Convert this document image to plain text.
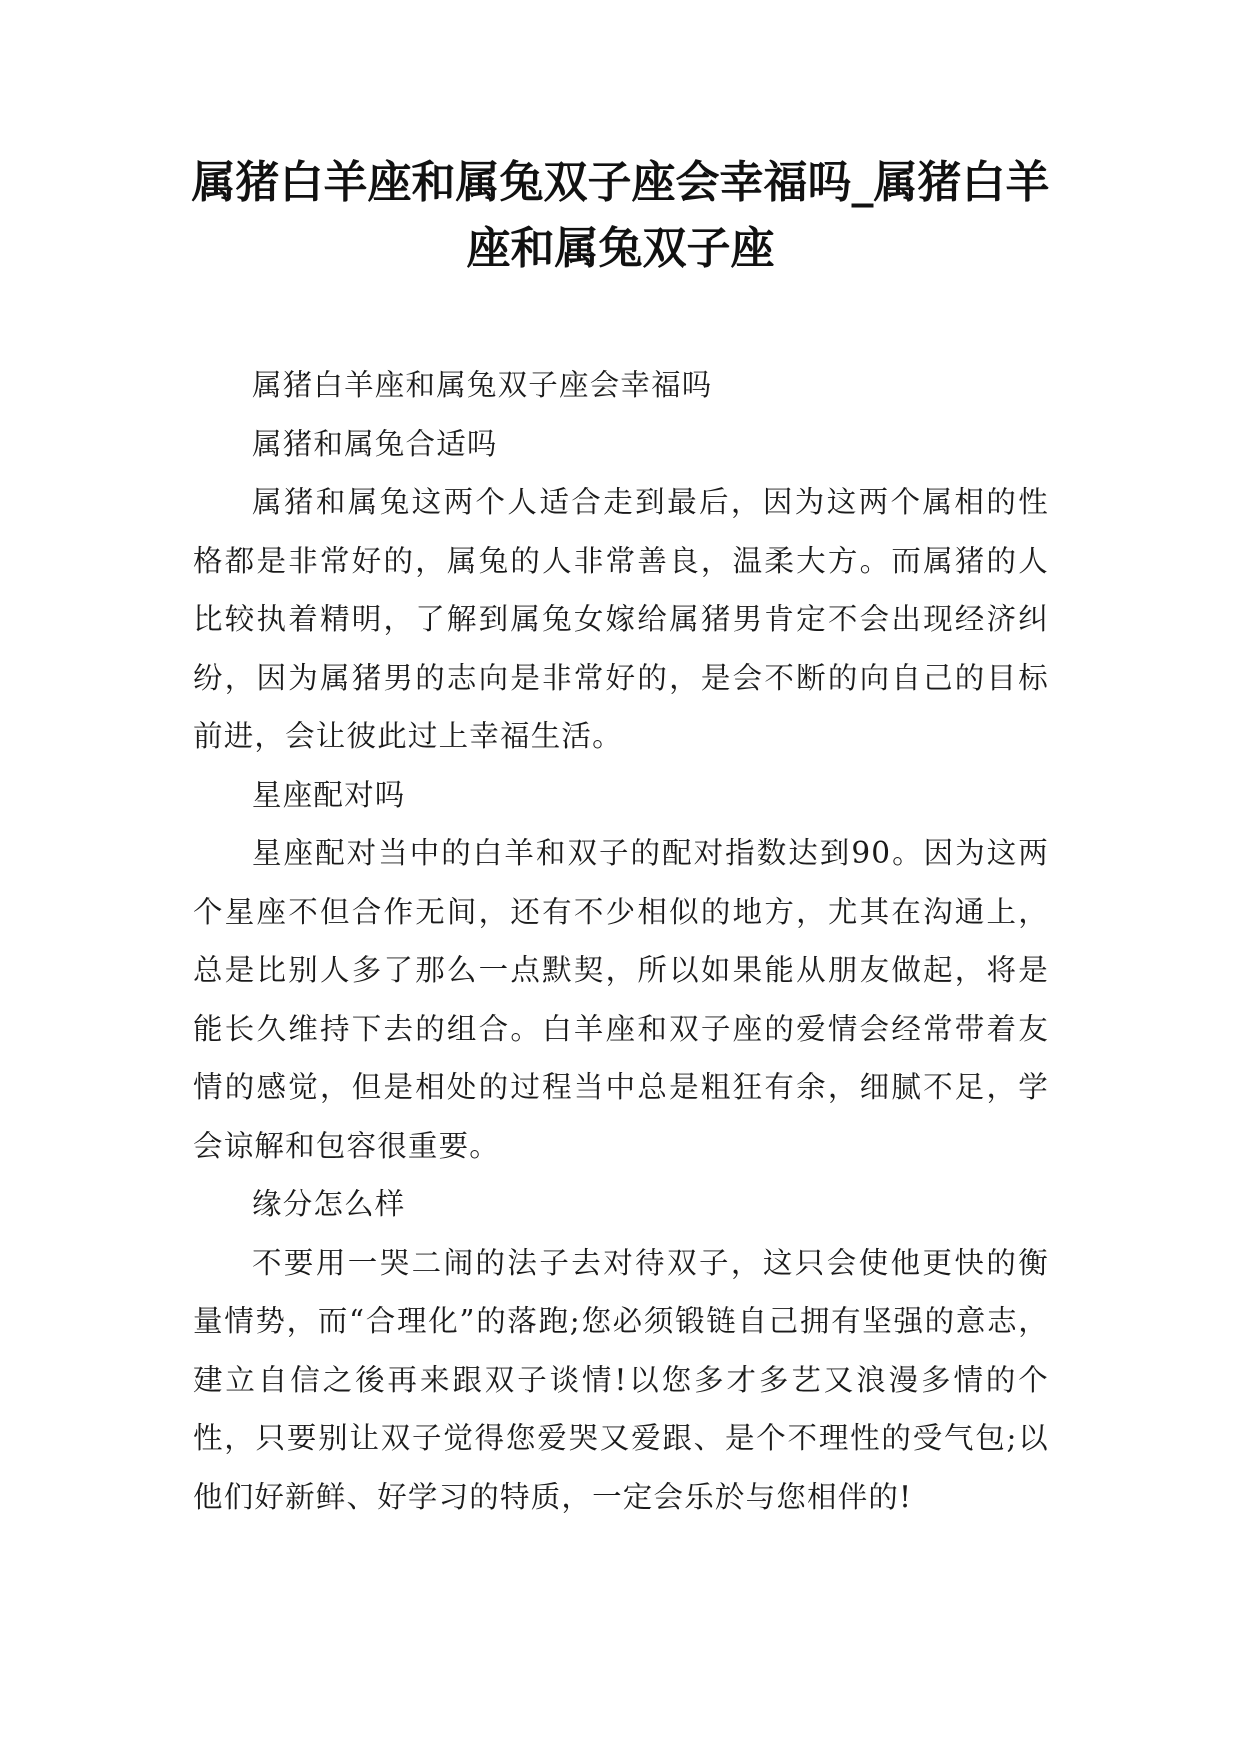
属猪白羊座和属兔双子座会幸福吗_属猪白羊座和属兔双子座

属猪白羊座和属兔双子座会幸福吗

属猪和属兔合适吗

属猪和属兔这两个人适合走到最后，因为这两个属相的性格都是非常好的，属兔的人非常善良，温柔大方。而属猪的人比较执着精明，了解到属兔女嫁给属猪男肯定不会出现经济纠纷，因为属猪男的志向是非常好的，是会不断的向自己的目标前进，会让彼此过上幸福生活。

星座配对吗

星座配对当中的白羊和双子的配对指数达到90。因为这两个星座不但合作无间，还有不少相似的地方，尤其在沟通上，总是比别人多了那么一点默契，所以如果能从朋友做起，将是能长久维持下去的组合。白羊座和双子座的爱情会经常带着友情的感觉，但是相处的过程当中总是粗狂有余，细腻不足，学会谅解和包容很重要。

缘分怎么样

不要用一哭二闹的法子去对待双子，这只会使他更快的衡量情势，而“合理化”的落跑;您必须锻链自己拥有坚强的意志，建立自信之後再来跟双子谈情!以您多才多艺又浪漫多情的个性，只要别让双子觉得您爱哭又爱跟、是个不理性的受气包;以他们好新鲜、好学习的特质，一定会乐於与您相伴的!
